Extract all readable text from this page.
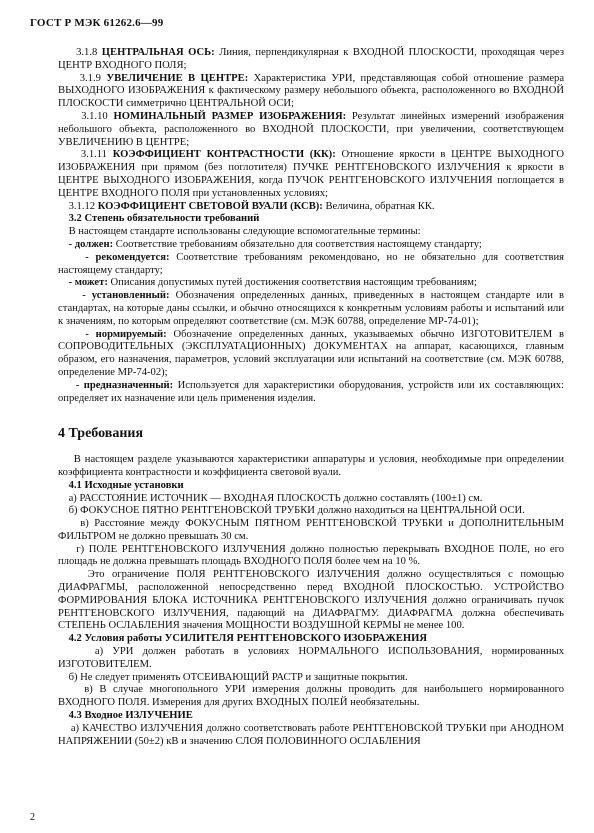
ГОСТ Р МЭК 61262.6—99

3.1.8 ЦЕНТРАЛЬНАЯ ОСЬ: Линия, перпендикулярная к ВХОДНОЙ ПЛОСКОСТИ, проходящая через ЦЕНТР ВХОДНОГО ПОЛЯ;

3.1.9 УВЕЛИЧЕНИЕ В ЦЕНТРЕ: Характеристика УРИ, представляющая собой отношение размера ВЫХОДНОГО ИЗОБРАЖЕНИЯ к фактическому размеру небольшого объекта, расположенного во ВХОДНОЙ ПЛОСКОСТИ симметрично ЦЕНТРАЛЬНОЙ ОСИ;

3.1.10 НОМИНАЛЬНЫЙ РАЗМЕР ИЗОБРАЖЕНИЯ: Результат линейных измерений изображения небольшого объекта, расположенного во ВХОДНОЙ ПЛОСКОСТИ, при увеличении, соответствующем УВЕЛИЧЕНИЮ В ЦЕНТРЕ;

3.1.11 КОЭФФИЦИЕНТ КОНТРАСТНОСТИ (КК): Отношение яркости в ЦЕНТРЕ ВЫХОДНОГО ИЗОБРАЖЕНИЯ при прямом (без поглотителя) ПУЧКЕ РЕНТГЕНОВСКОГО ИЗЛУЧЕНИЯ к яркости в ЦЕНТРЕ ВЫХОДНОГО ИЗОБРАЖЕНИЯ, когда ПУЧОК РЕНТГЕНОВСКОГО ИЗЛУЧЕНИЯ поглощается в ЦЕНТРЕ ВХОДНОГО ПОЛЯ при установленных условиях;

3.1.12 КОЭФФИЦИЕНТ СВЕТОВОЙ ВУАЛИ (КСВ): Величина, обратная КК.

3.2 Степень обязательности требований

В настоящем стандарте использованы следующие вспомогательные термины:

- должен: Соответствие требованиям обязательно для соответствия настоящему стандарту;

- рекомендуется: Соответствие требованиям рекомендовано, но не обязательно для соответствия настоящему стандарту;

- может: Описания допустимых путей достижения соответствия настоящим требованиям;

- установленный: Обозначения определенных данных, приведенных в настоящем стандарте или в стандартах, на которые даны ссылки, и обычно относящихся к конкретным условиям работы и испытаний или к значениям, по которым определяют соответствие (см. МЭК 60788, определение МР-74-01);

- нормируемый: Обозначение определенных данных, указываемых обычно ИЗГОТОВИТЕЛЕМ в СОПРОВОДИТЕЛЬНЫХ (ЭКСПЛУАТАЦИОННЫХ) ДОКУМЕНТАХ на аппарат, касающихся, главным образом, его назначения, параметров, условий эксплуатации или испытаний на соответствие (см. МЭК 60788, определение МР-74-02);

- предназначенный: Используется для характеристики оборудования, устройств или их составляющих: определяет их назначение или цель применения изделия.

4 Требования

В настоящем разделе указываются характеристики аппаратуры и условия, необходимые при определении коэффициента контрастности и коэффициента световой вуали.

4.1 Исходные установки

а) РАССТОЯНИЕ ИСТОЧНИК — ВХОДНАЯ ПЛОСКОСТЬ должно составлять (100±1) см.

б) ФОКУСНОЕ ПЯТНО РЕНТГЕНОВСКОЙ ТРУБКИ должно находиться на ЦЕНТРАЛЬНОЙ ОСИ.

в) Расстояние между ФОКУСНЫМ ПЯТНОМ РЕНТГЕНОВСКОЙ ТРУБКИ и ДОПОЛНИТЕЛЬНЫМ ФИЛЬТРОМ не должно превышать 30 см.

г) ПОЛЕ РЕНТГЕНОВСКОГО ИЗЛУЧЕНИЯ должно полностью перекрывать ВХОДНОЕ ПОЛЕ, но его площадь не должна превышать площадь ВХОДНОГО ПОЛЯ более чем на 10 %.

Это ограничение ПОЛЯ РЕНТГЕНОВСКОГО ИЗЛУЧЕНИЯ должно осуществляться с помощью ДИАФРАГМЫ, расположенной непосредственно перед ВХОДНОЙ ПЛОСКОСТЬЮ. УСТРОЙСТВО ФОРМИРОВАНИЯ БЛОКА ИСТОЧНИКА РЕНТГЕНОВСКОГО ИЗЛУЧЕНИЯ должно ограничивать пучок РЕНТГЕНОВСКОГО ИЗЛУЧЕНИЯ, падающий на ДИАФРАГМУ. ДИАФРАГМА должна обеспечивать СТЕПЕНЬ ОСЛАБЛЕНИЯ значения МОЩНОСТИ ВОЗДУШНОЙ КЕРМЫ не менее 100.

4.2 Условия работы УСИЛИТЕЛЯ РЕНТГЕНОВСКОГО ИЗОБРАЖЕНИЯ

а) УРИ должен работать в условиях НОРМАЛЬНОГО ИСПОЛЬЗОВАНИЯ, нормированных ИЗГОТОВИТЕЛЕМ.

б) Не следует применять ОТСЕИВАЮЩИЙ РАСТР и защитные покрытия.

в) В случае многопольного УРИ измерения должны проводить для наибольшего нормированного ВХОДНОГО ПОЛЯ. Измерения для других ВХОДНЫХ ПОЛЕЙ необязательны.

4.3 Входное ИЗЛУЧЕНИЕ

а) КАЧЕСТВО ИЗЛУЧЕНИЯ должно соответствовать работе РЕНТГЕНОВСКОЙ ТРУБКИ при АНОДНОМ НАПРЯЖЕНИИ (50±2) кВ и значению СЛОЯ ПОЛОВИННОГО ОСЛАБЛЕНИЯ

2
